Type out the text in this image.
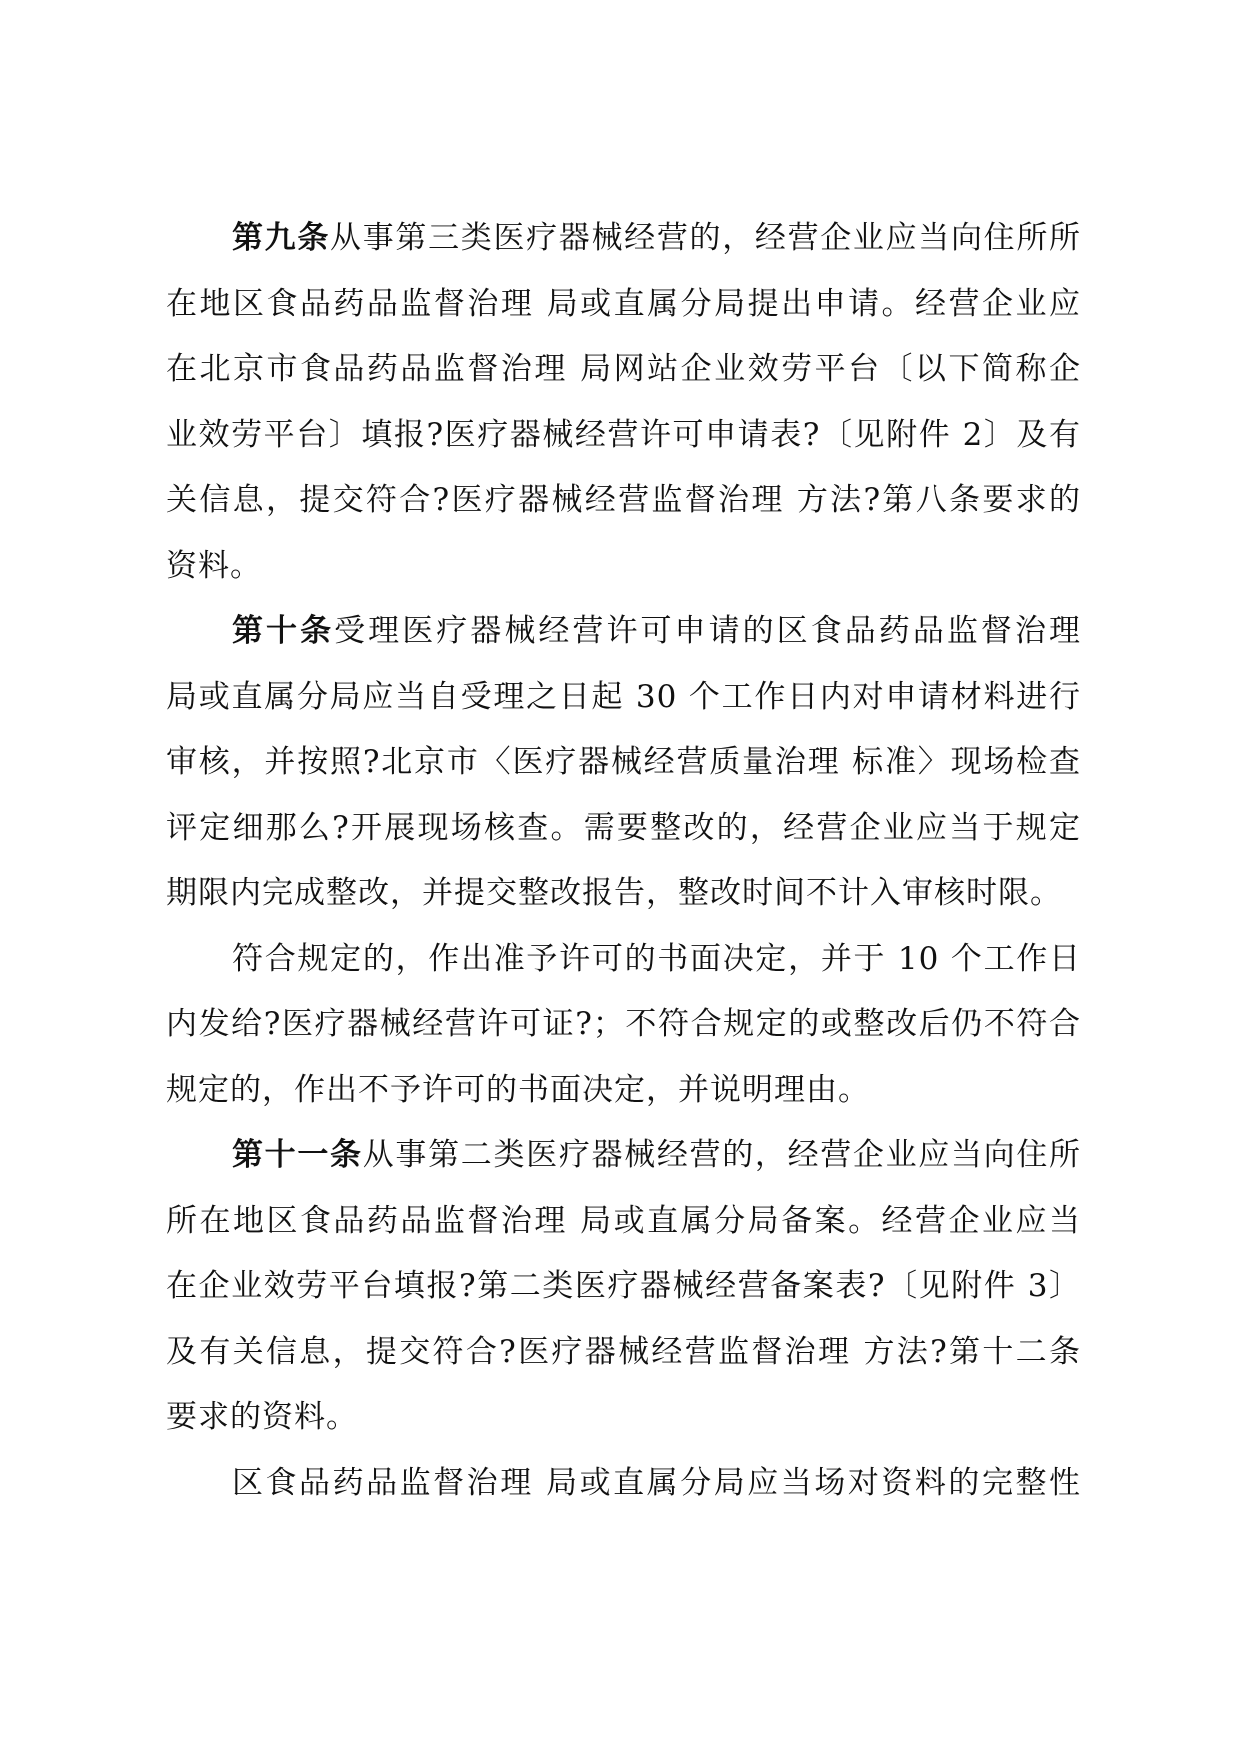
第九条从事第三类医疗器械经营的，经营企业应当向住所所
在地区食品药品监督治理 局或直属分局提出申请。经营企业应
在北京市食品药品监督治理 局网站企业效劳平台〔以下简称企
业效劳平台〕填报?医疗器械经营许可申请表?〔见附件 2〕及有
关信息，提交符合?医疗器械经营监督治理 方法?第八条要求的
资料。
第十条受理医疗器械经营许可申请的区食品药品监督治理
局或直属分局应当自受理之日起 30 个工作日内对申请材料进行
审核，并按照?北京市〈医疗器械经营质量治理 标准〉现场检查
评定细那么?开展现场核查。需要整改的，经营企业应当于规定
期限内完成整改，并提交整改报告，整改时间不计入审核时限。
符合规定的，作出准予许可的书面决定，并于 10 个工作日
内发给?医疗器械经营许可证?；不符合规定的或整改后仍不符合
规定的，作出不予许可的书面决定，并说明理由。
第十一条从事第二类医疗器械经营的，经营企业应当向住所
所在地区食品药品监督治理 局或直属分局备案。经营企业应当
在企业效劳平台填报?第二类医疗器械经营备案表?〔见附件 3〕
及有关信息，提交符合?医疗器械经营监督治理 方法?第十二条
要求的资料。
区食品药品监督治理 局或直属分局应当场对资料的完整性
